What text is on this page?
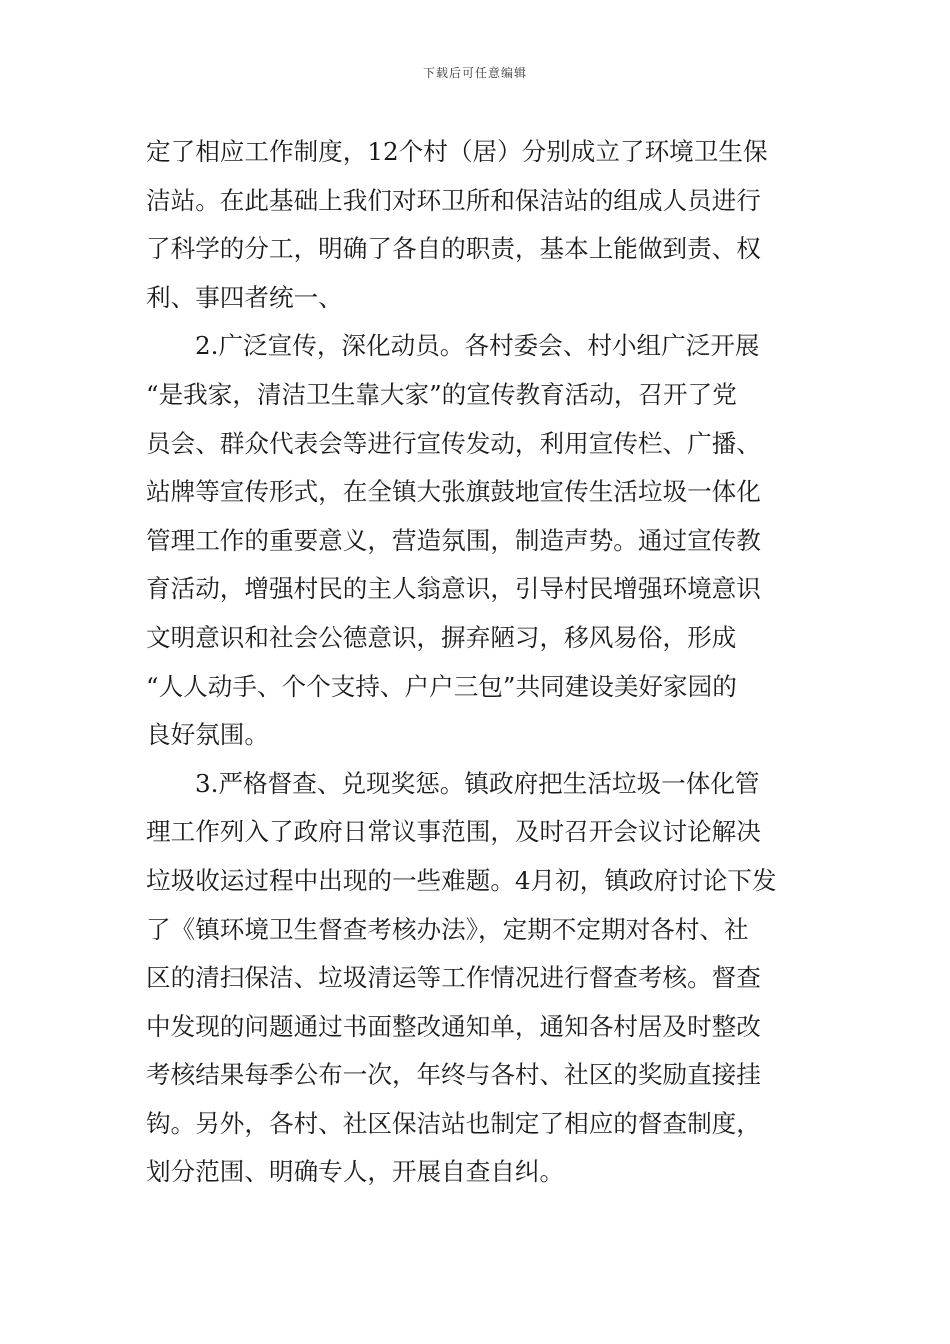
下载后可任意编辑
定了相应工作制度，12个村（居）分别成立了环境卫生保
洁站。在此基础上我们对环卫所和保洁站的组成人员进行
了科学的分工，明确了各自的职责，基本上能做到责、权
利、事四者统一、
2.广泛宣传，深化动员。各村委会、村小组广泛开展
“是我家，清洁卫生靠大家”的宣传教育活动，召开了党
员会、群众代表会等进行宣传发动，利用宣传栏、广播、
站牌等宣传形式，在全镇大张旗鼓地宣传生活垃圾一体化
管理工作的重要意义，营造氛围，制造声势。通过宣传教
育活动，增强村民的主人翁意识，引导村民增强环境意识
文明意识和社会公德意识，摒弃陋习，移风易俗，形成
“人人动手、个个支持、户户三包”共同建设美好家园的
良好氛围。
3.严格督查、兑现奖惩。镇政府把生活垃圾一体化管
理工作列入了政府日常议事范围，及时召开会议讨论解决
垃圾收运过程中出现的一些难题。4月初，镇政府讨论下发
了《镇环境卫生督查考核办法》，定期不定期对各村、社
区的清扫保洁、垃圾清运等工作情况进行督查考核。督查
中发现的问题通过书面整改通知单，通知各村居及时整改
考核结果每季公布一次，年终与各村、社区的奖励直接挂
钩。另外，各村、社区保洁站也制定了相应的督查制度，
划分范围、明确专人，开展自查自纠。
